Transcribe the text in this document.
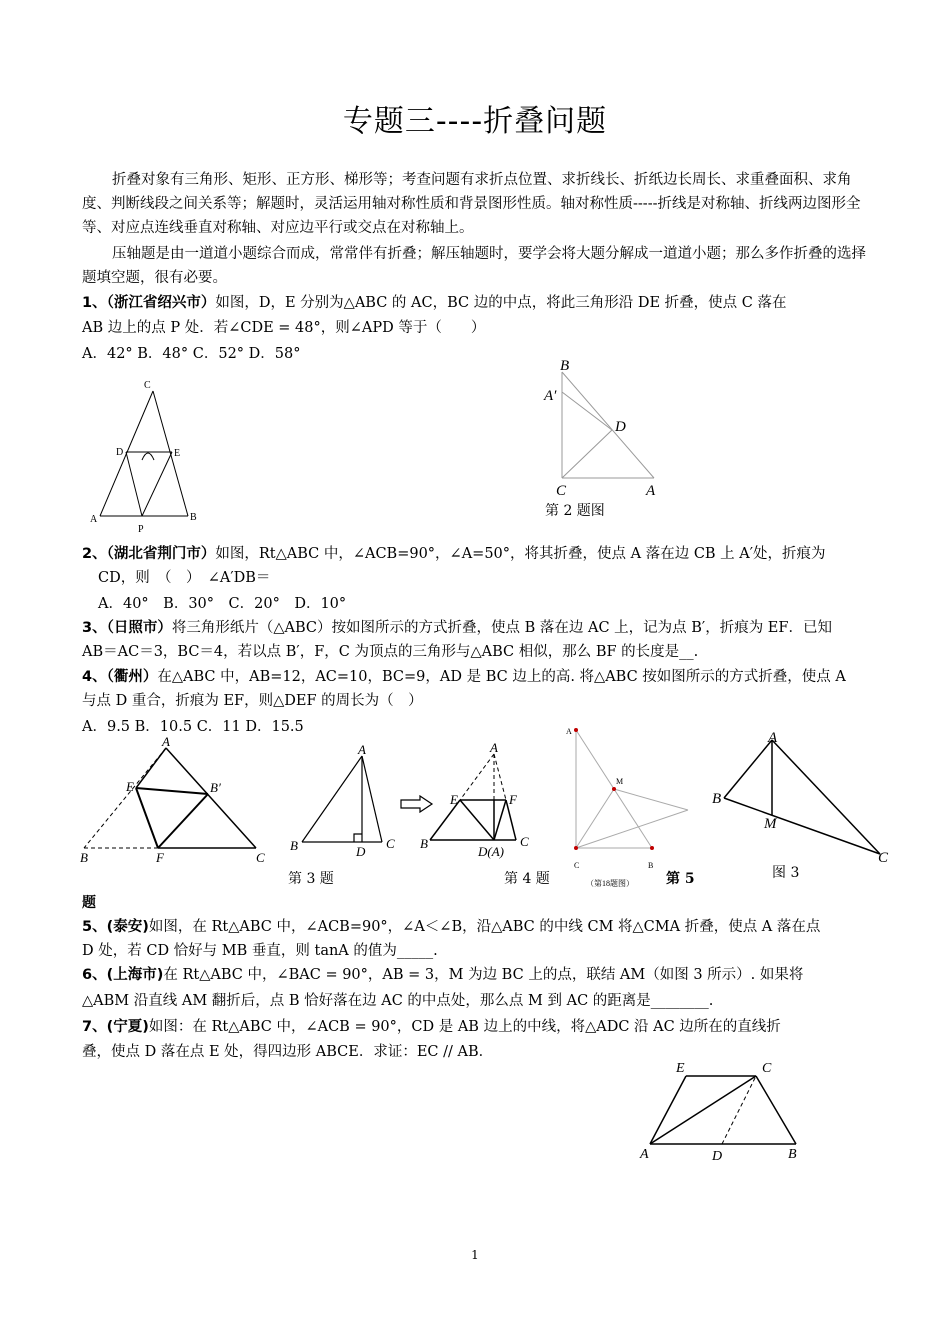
专题三----折叠问题
折叠对象有三角形、矩形、正方形、梯形等；考查问题有求折点位置、求折线长、折纸边长周长、求重叠面积、求角度、判断线段之间关系等；解题时，灵活运用轴对称性质和背景图形性质。轴对称性质-----折线是对称轴、折线两边图形全等、对应点连线垂直对称轴、对应边平行或交点在对称轴上。
压轴题是由一道道小题综合而成，常常伴有折叠；解压轴题时，要学会将大题分解成一道道小题；那么多作折叠的选择题填空题，很有必要。
1、（浙江省绍兴市）如图，D，E 分别为△ABC 的 AC，BC 边的中点，将此三角形沿 DE 折叠，使点 C 落在
AB 边上的点 P 处．若∠CDE = 48°，则∠APD 等于（　　）
A．42° B．48° C．52° D．58°
C
D	E
A
P
B
B
A′
D
C	A
第 2 题图
2、（湖北省荆门市）如图，Rt△ABC 中，∠ACB=90°，∠A=50°，将其折叠，使点 A 落在边 CB 上 A′处，折痕为
CD，则　（　）　∠A′DB＝
A．40°　B．30°　C．20°　D．10°
3、（日照市）将三角形纸片（△ABC）按如图所示的方式折叠，使点 B 落在边 AC 上，记为点 B′，折痕为 EF．已知
AB＝AC＝3，BC＝4，若以点 B′，F，C 为顶点的三角形与△ABC 相似，那么 BF 的长度是__.
4、（衢州）在△ABC 中，AB=12，AC=10，BC=9，AD 是 BC 边上的高. 将△ABC 按如图所示的方式折叠，使点 A
与点 D 重合，折痕为 EF，则△DEF 的周长为（　）
A．9.5 B．10.5 C．11 D．15.5
A
E	B′
B	F	C
A
B	D
C
A
E	F
B
D(A)
C
A
M
C	B
（第18题图）
A
B
M
C
第 3 题	第 4 题	第 5	图 3
题
5、(泰安)如图，在 Rt△ABC 中，∠ACB=90°，∠A＜∠B，沿△ABC 的中线 CM 将△CMA 折叠，使点 A 落在点
D 处，若 CD 恰好与 MB 垂直，则 tanA 的值为_____.
6、(上海市)在 Rt△ABC 中，∠BAC = 90°，AB = 3，M 为边 BC 上的点，联结 AM（如图 3 所示）. 如果将
△ABM 沿直线 AM 翻折后，点 B 恰好落在边 AC 的中点处，那么点 M 到 AC 的距离是________.
7、(宁夏)如图：在 Rt△ABC 中，∠ACB = 90°，CD 是 AB 边上的中线，将△ADC 沿 AC 边所在的直线折
叠，使点 D 落在点 E 处，得四边形 ABCE．求证：EC // AB．
E	C
A	D	B
1
